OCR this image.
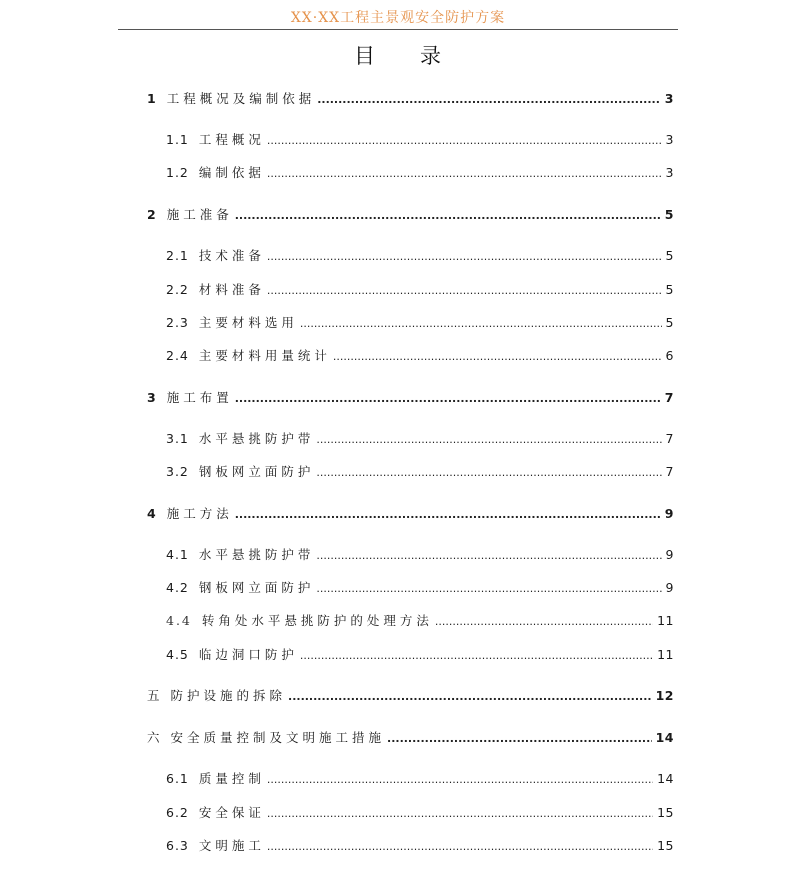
XX·XX工程主景观安全防护方案
目 录
1 工程概况及编制依据 .....	3
1.1 工程概况 .....	3
1.2 编制依据 .....	3
2 施工准备 .....	5
2.1 技术准备 .....	5
2.2 材料准备 .....	5
2.3 主要材料选用 .....	5
2.4 主要材料用量统计 .....	6
3 施工布置 .....	7
3.1 水平悬挑防护带 .....	7
3.2 钢板网立面防护 .....	7
4 施工方法 .....	9
4.1 水平悬挑防护带 .....	9
4.2 钢板网立面防护 .....	9
4.4 转角处水平悬挑防护的处理方法 .....	11
4.5 临边洞口防护 .....	11
五 防护设施的拆除 .....	12
六 安全质量控制及文明施工措施 .....	14
6.1 质量控制 .....	14
6.2 安全保证 .....	15
6.3 文明施工 .....	15
